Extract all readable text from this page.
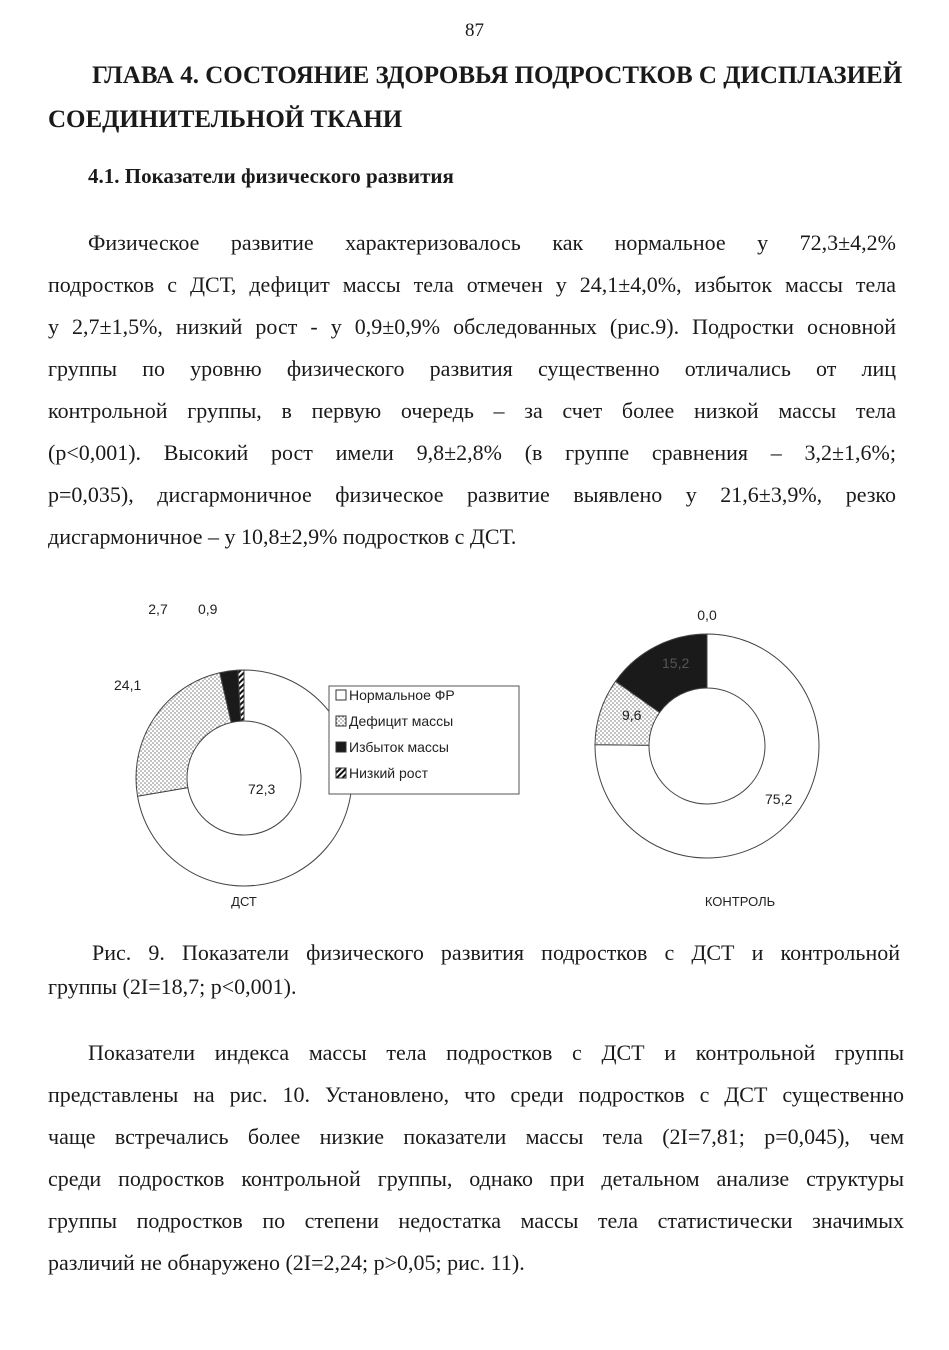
87
ГЛАВА 4. СОСТОЯНИЕ ЗДОРОВЬЯ ПОДРОСТКОВ С ДИСПЛАЗИЕЙ
СОЕДИНИТЕЛЬНОЙ ТКАНИ
4.1. Показатели физического развития
Физическое развитие характеризовалось как нормальное у 72,3±4,2%
подростков с ДСТ, дефицит массы тела отмечен у 24,1±4,0%, избыток массы тела
у 2,7±1,5%, низкий рост - у 0,9±0,9% обследованных (рис.9). Подростки основной
группы по уровню физического развития существенно отличались от лиц
контрольной группы, в первую очередь – за счет более низкой массы тела
(p<0,001). Высокий рост имели 9,8±2,8% (в группе сравнения – 3,2±1,6%;
p=0,035), дисгармоничное физическое развитие выявлено у 21,6±3,9%, резко
дисгармоничное – у 10,8±2,9% подростков с ДСТ.
72,3
24,1
2,7 0,9
75,2
9,6
15,2
0,0
Нормальное ФР
Дефицит массы
Избыток массы
Низкий рост
ДСТ	КОНТРОЛЬ
Рис. 9. Показатели физического развития подростков с ДСТ и контрольной
группы (2I=18,7; p<0,001).
Показатели индекса массы тела подростков с ДСТ и контрольной группы
представлены на рис. 10. Установлено, что среди подростков с ДСТ существенно
чаще встречались более низкие показатели массы тела (2I=7,81; p=0,045), чем
среди подростков контрольной группы, однако при детальном анализе структуры
группы подростков по степени недостатка массы тела статистически значимых
различий не обнаружено (2I=2,24; p>0,05; рис. 11).
